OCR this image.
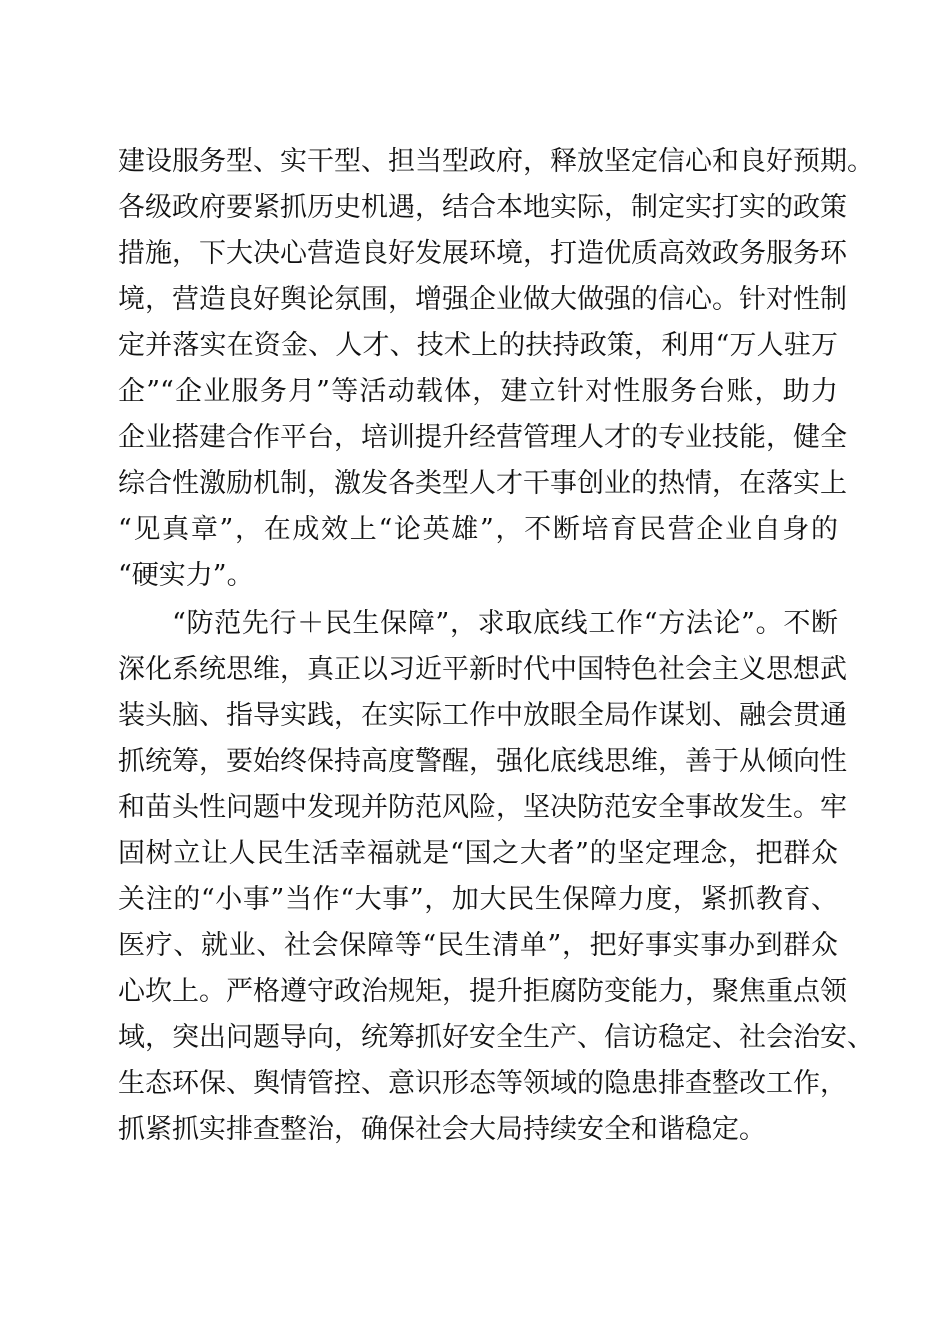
建设服务型、实干型、担当型政府，释放坚定信心和良好预期。
各级政府要紧抓历史机遇，结合本地实际，制定实打实的政策
措施，下大决心营造良好发展环境，打造优质高效政务服务环
境，营造良好舆论氛围，增强企业做大做强的信心。针对性制
定并落实在资金、人才、技术上的扶持政策，利用“万人驻万
企”“企业服务月”等活动载体，建立针对性服务台账，助力
企业搭建合作平台，培训提升经营管理人才的专业技能，健全
综合性激励机制，激发各类型人才干事创业的热情，在落实上
“见真章”，在成效上“论英雄”，不断培育民营企业自身的
“硬实力”。
“防范先行＋民生保障”，求取底线工作“方法论”。不断
深化系统思维，真正以习近平新时代中国特色社会主义思想武
装头脑、指导实践，在实际工作中放眼全局作谋划、融会贯通
抓统筹，要始终保持高度警醒，强化底线思维，善于从倾向性
和苗头性问题中发现并防范风险，坚决防范安全事故发生。牢
固树立让人民生活幸福就是“国之大者”的坚定理念，把群众
关注的“小事”当作“大事”，加大民生保障力度，紧抓教育、
医疗、就业、社会保障等“民生清单”，把好事实事办到群众
心坎上。严格遵守政治规矩，提升拒腐防变能力，聚焦重点领
域，突出问题导向，统筹抓好安全生产、信访稳定、社会治安、
生态环保、舆情管控、意识形态等领域的隐患排查整改工作，
抓紧抓实排查整治，确保社会大局持续安全和谐稳定。
